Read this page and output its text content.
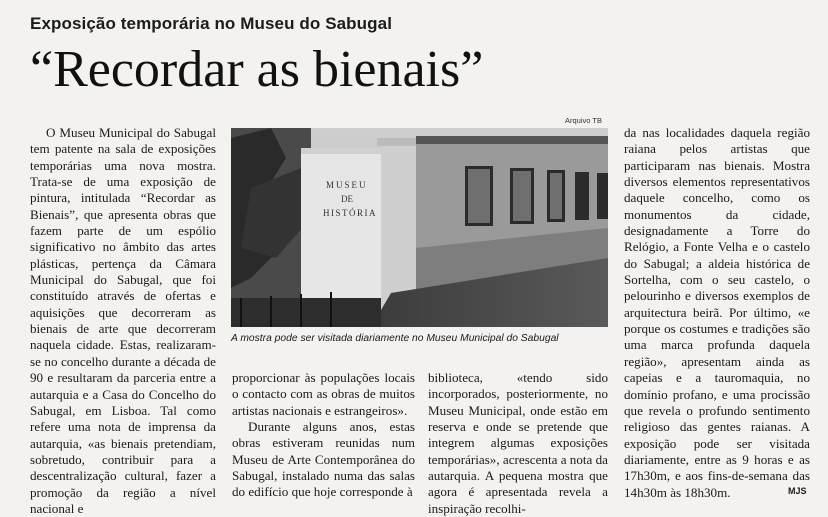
Exposição temporária no Museu do Sabugal
“Recordar as bienais”

O Museu Municipal do Sabugal tem patente na sala de exposições temporárias uma nova mostra. Trata-se de uma exposição de pintura, intitulada “Recordar as Bienais”, que apresenta obras que fazem parte de um espólio significativo no âmbito das artes plásticas, pertença da Câmara Municipal do Sabugal, que foi constituído através de ofertas e aquisições que decorreram as bienais de arte que decorreram naquela cidade. Estas, realizaram-se no concelho durante a década de 90 e resultaram da parceria entre a autarquia e a Casa do Concelho do Sabugal, em Lisboa. Tal como refere uma nota de imprensa da autarquia, «as bienais pretendiam, sobretudo, contribuir para a descentralização cultural, fazer a promoção da região a nível nacional e

Arquivo TB
MUSEU
DE
HISTÓRIA
A mostra pode ser visitada diariamente no Museu Municipal do Sabugal

proporcionar às populações locais o contacto com as obras de muitos artistas nacionais e estrangeiros».

Durante alguns anos, estas obras estiveram reunidas num Museu de Arte Contemporânea do Sabugal, instalado numa das salas do edifício que hoje corresponde à

biblioteca, «tendo sido incorporados, posteriormente, no Museu Municipal, onde estão em reserva e onde se pretende que integrem algumas exposições temporárias», acrescenta a nota da autarquia. A pequena mostra que agora é apresentada revela a inspiração recolhi-

da nas localidades daquela região raiana pelos artistas que participaram nas bienais. Mostra diversos elementos representativos daquele concelho, como os monumentos da cidade, designadamente a Torre do Relógio, a Fonte Velha e o castelo do Sabugal; a aldeia histórica de Sortelha, com o seu castelo, o pelourinho e diversos exemplos de arquitectura beirã. Por último, «e porque os costumes e tradições são uma marca profunda daquela região», apresentam ainda as capeias e a tauromaquia, no domínio profano, e uma procissão que revela o profundo sentimento religioso das gentes raianas. A exposição pode ser visitada diariamente, entre as 9 horas e as 17h30m, e aos fins-de-semana das 14h30m às 18h30m.	MJS
